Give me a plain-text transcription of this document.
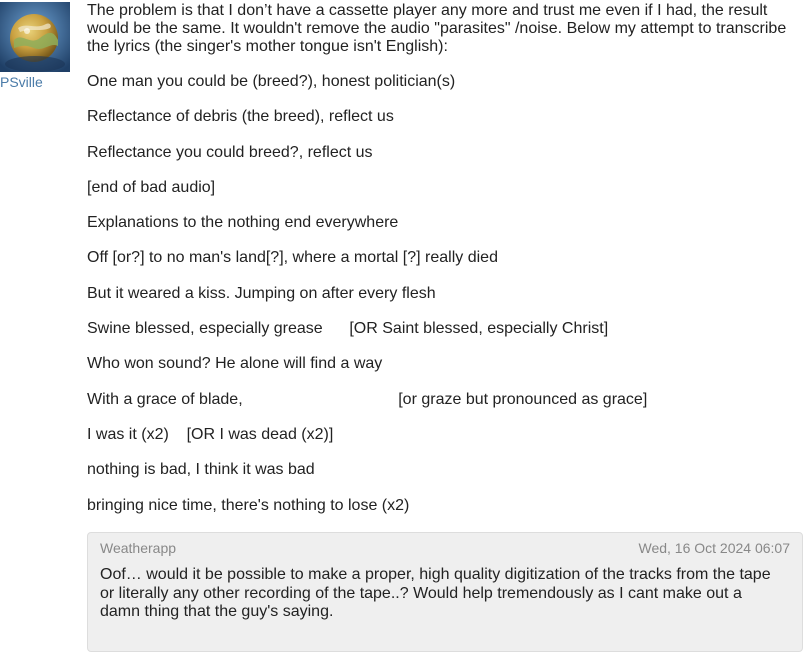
PSville

The problem is that I don’t have a cassette player any more and trust me even if I had, the result would be the same. It wouldn't remove the audio "parasites" /noise. Below my attempt to transcribe the lyrics (the singer's mother tongue isn't English):

One man you could be (breed?), honest politician(s)
Reflectance of debris (the breed), reflect us
Reflectance you could breed?, reflect us
[end of bad audio]
Explanations to the nothing end everywhere
Off [or?] to no man's land[?], where a mortal [?] really died
But it weared a kiss. Jumping on after every flesh
Swine blessed, especially grease      [OR Saint blessed, especially Christ]
Who won sound? He alone will find a way
With a grace of blade,                                   [or graze but pronounced as grace]
I was it (x2)    [OR I was dead (x2)]
nothing is bad, I think it was bad
bringing nice time, there's nothing to lose (x2)
Weatherapp	Wed, 16 Oct 2024 06:07

Oof… would it be possible to make a proper, high quality digitization of the tracks from the tape or literally any other recording of the tape..? Would help tremendously as I cant make out a damn thing that the guy's saying.
